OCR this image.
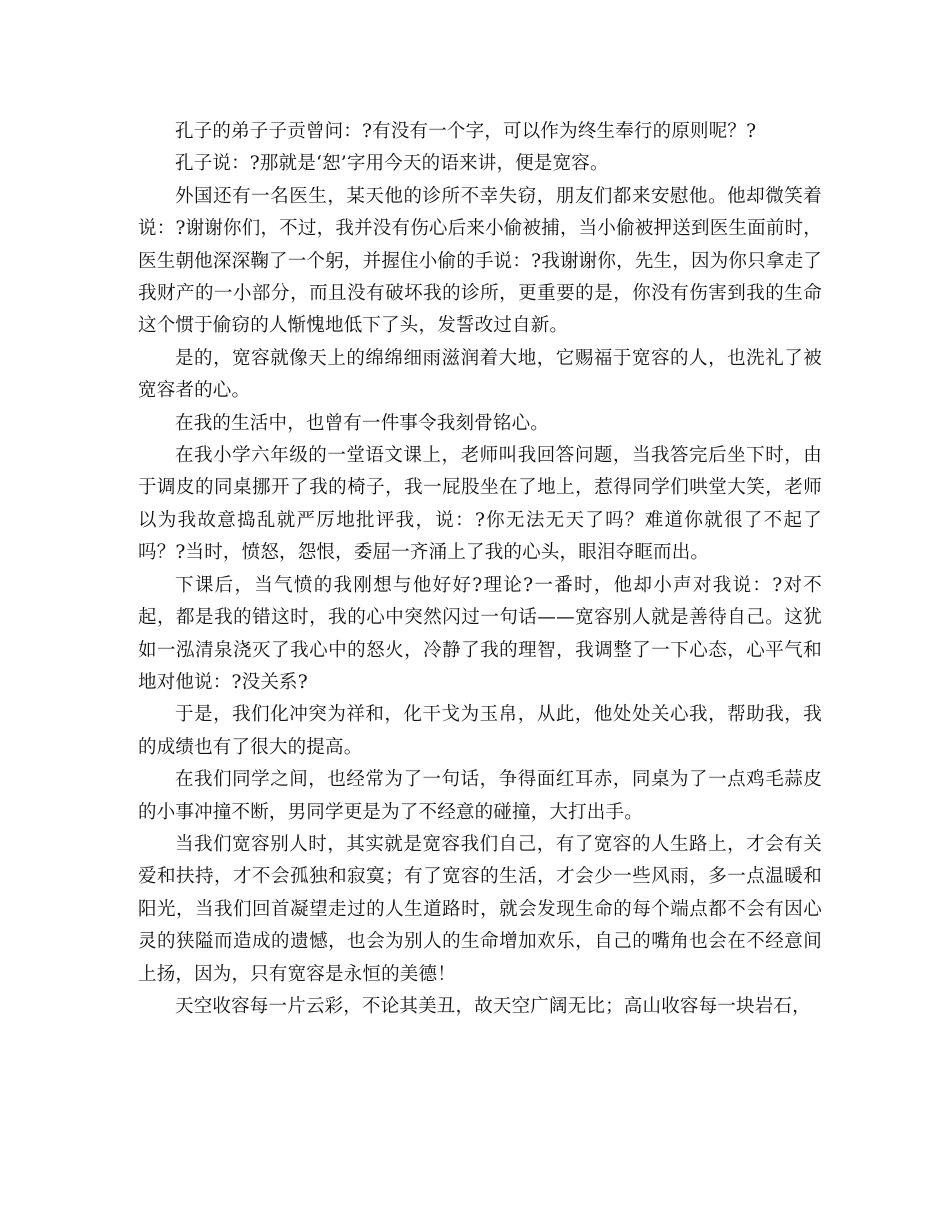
孔子的弟子子贡曾问：?有没有一个字，可以作为终生奉行的原则呢？?

孔子说：?那就是‘恕’字用今天的语来讲，便是宽容。

外国还有一名医生，某天他的诊所不幸失窃，朋友们都来安慰他。他却微笑着说：?谢谢你们，不过，我并没有伤心后来小偷被捕，当小偷被押送到医生面前时，医生朝他深深鞠了一个躬，并握住小偷的手说：?我谢谢你，先生，因为你只拿走了我财产的一小部分，而且没有破坏我的诊所，更重要的是，你没有伤害到我的生命这个惯于偷窃的人惭愧地低下了头，发誓改过自新。

是的，宽容就像天上的绵绵细雨滋润着大地，它赐福于宽容的人，也洗礼了被宽容者的心。

在我的生活中，也曾有一件事令我刻骨铭心。

在我小学六年级的一堂语文课上，老师叫我回答问题，当我答完后坐下时，由于调皮的同桌挪开了我的椅子，我一屁股坐在了地上，惹得同学们哄堂大笑，老师以为我故意捣乱就严厉地批评我，说：?你无法无天了吗？难道你就很了不起了吗？?当时，愤怒，怨恨，委屈一齐涌上了我的心头，眼泪夺眶而出。

下课后，当气愤的我刚想与他好好?理论?一番时，他却小声对我说：?对不起，都是我的错这时，我的心中突然闪过一句话——宽容别人就是善待自己。这犹如一泓清泉浇灭了我心中的怒火，冷静了我的理智，我调整了一下心态，心平气和地对他说：?没关系?

于是，我们化冲突为祥和，化干戈为玉帛，从此，他处处关心我，帮助我，我的成绩也有了很大的提高。

在我们同学之间，也经常为了一句话，争得面红耳赤，同桌为了一点鸡毛蒜皮的小事冲撞不断，男同学更是为了不经意的碰撞，大打出手。

当我们宽容别人时，其实就是宽容我们自己，有了宽容的人生路上，才会有关爱和扶持，才不会孤独和寂寞；有了宽容的生活，才会少一些风雨，多一点温暖和阳光，当我们回首凝望走过的人生道路时，就会发现生命的每个端点都不会有因心灵的狭隘而造成的遗憾，也会为别人的生命增加欢乐，自己的嘴角也会在不经意间上扬，因为，只有宽容是永恒的美德！

天空收容每一片云彩，不论其美丑，故天空广阔无比；高山收容每一块岩石，
